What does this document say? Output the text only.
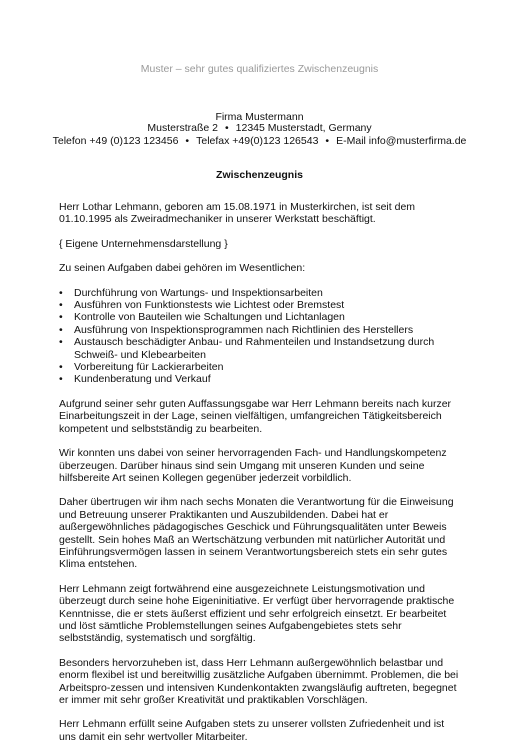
Muster – sehr gutes qualifiziertes Zwischenzeugnis
Firma Mustermann
Musterstraße 2 • 12345 Musterstadt, Germany
Telefon +49 (0)123 123456 • Telefax +49(0)123 126543 • E-Mail info@musterfirma.de
Zwischenzeugnis

Herr Lothar Lehmann, geboren am 15.08.1971 in Musterkirchen, ist seit dem 01.10.1995 als Zweiradmechaniker in unserer Werkstatt beschäftigt.

{ Eigene Unternehmensdarstellung }

Zu seinen Aufgaben dabei gehören im Wesentlichen:

• Durchführung von Wartungs- und Inspektionsarbeiten
• Ausführen von Funktionstests wie Lichtest oder Bremstest
• Kontrolle von Bauteilen wie Schaltungen und Lichtanlagen
• Ausführung von Inspektionsprogrammen nach Richtlinien des Herstellers
• Austausch beschädigter Anbau- und Rahmenteilen und Instandsetzung durch Schweiß- und Klebearbeiten
• Vorbereitung für Lackierarbeiten
• Kundenberatung und Verkauf

Aufgrund seiner sehr guten Auffassungsgabe war Herr Lehmann bereits nach kurzer Einarbeitungszeit in der Lage, seinen vielfältigen, umfangreichen Tätigkeitsbereich kompetent und selbstständig zu bearbeiten.

Wir konnten uns dabei von seiner hervorragenden Fach- und Handlungskompetenz überzeugen. Darüber hinaus sind sein Umgang mit unseren Kunden und seine hilfsbereite Art seinen Kollegen gegenüber jederzeit vorbildlich.

Daher übertrugen wir ihm nach sechs Monaten die Verantwortung für die Einweisung und Betreuung unserer Praktikanten und Auszubildenden. Dabei hat er außergewöhnliches pädagogisches Geschick und Führungsqualitäten unter Beweis gestellt. Sein hohes Maß an Wertschätzung verbunden mit natürlicher Autorität und Einführungsvermögen lassen in seinem Verantwortungsbereich stets ein sehr gutes Klima entstehen.

Herr Lehmann zeigt fortwährend eine ausgezeichnete Leistungsmotivation und überzeugt durch seine hohe Eigeninitiative. Er verfügt über hervorragende praktische Kenntnisse, die er stets äußerst effizient und sehr erfolgreich einsetzt. Er bearbeitet und löst sämtliche Problemstellungen seines Aufgabengebietes stets sehr selbstständig, systematisch und sorgfältig.

Besonders hervorzuheben ist, dass Herr Lehmann außergewöhnlich belastbar und enorm flexibel ist und bereitwillig zusätzliche Aufgaben übernimmt. Problemen, die bei Arbeitspro-zessen und intensiven Kundenkontakten zwangsläufig auftreten, begegnet er immer mit sehr großer Kreativität und praktikablen Vorschlägen.

Herr Lehmann erfüllt seine Aufgaben stets zu unserer vollsten Zufriedenheit und ist uns damit ein sehr wertvoller Mitarbeiter.
